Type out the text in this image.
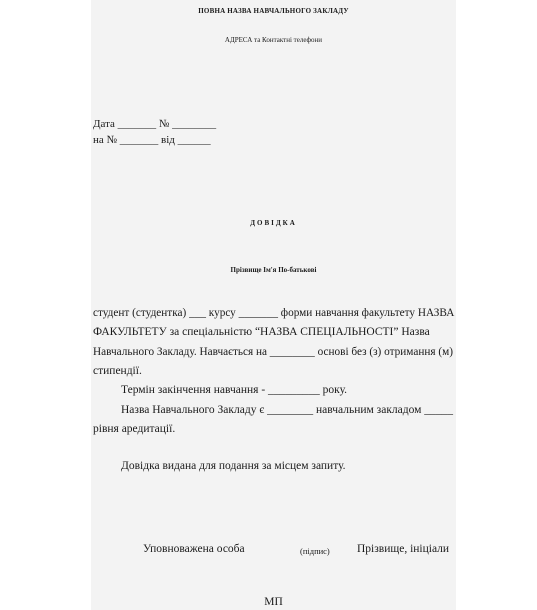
ПОВНА НАЗВА НАВЧАЛЬНОГО ЗАКЛАДУ
АДРЕСА та Контактні телефони
Дата _______ № ________
на № _______ від ______
ДОВІДКА
Прізвище Ім'я По-батькові
студент (студентка) ___ курсу _______ форми навчання факультету НАЗВА
ФАКУЛЬТЕТУ за спеціальністю “НАЗВА СПЕЦІАЛЬНОСТІ” Назва
Навчального Закладу. Навчається на ________ основі без (з) отримання (м)
стипендії.
Термін закінчення навчання - _________ року.
Назва Навчального Закладу є ________ навчальним закладом _____
рівня аредитації.
Довідка видана для подання за місцем запиту.
Уповноважена особа	(підпис) Прізвище, ініціали
МП
